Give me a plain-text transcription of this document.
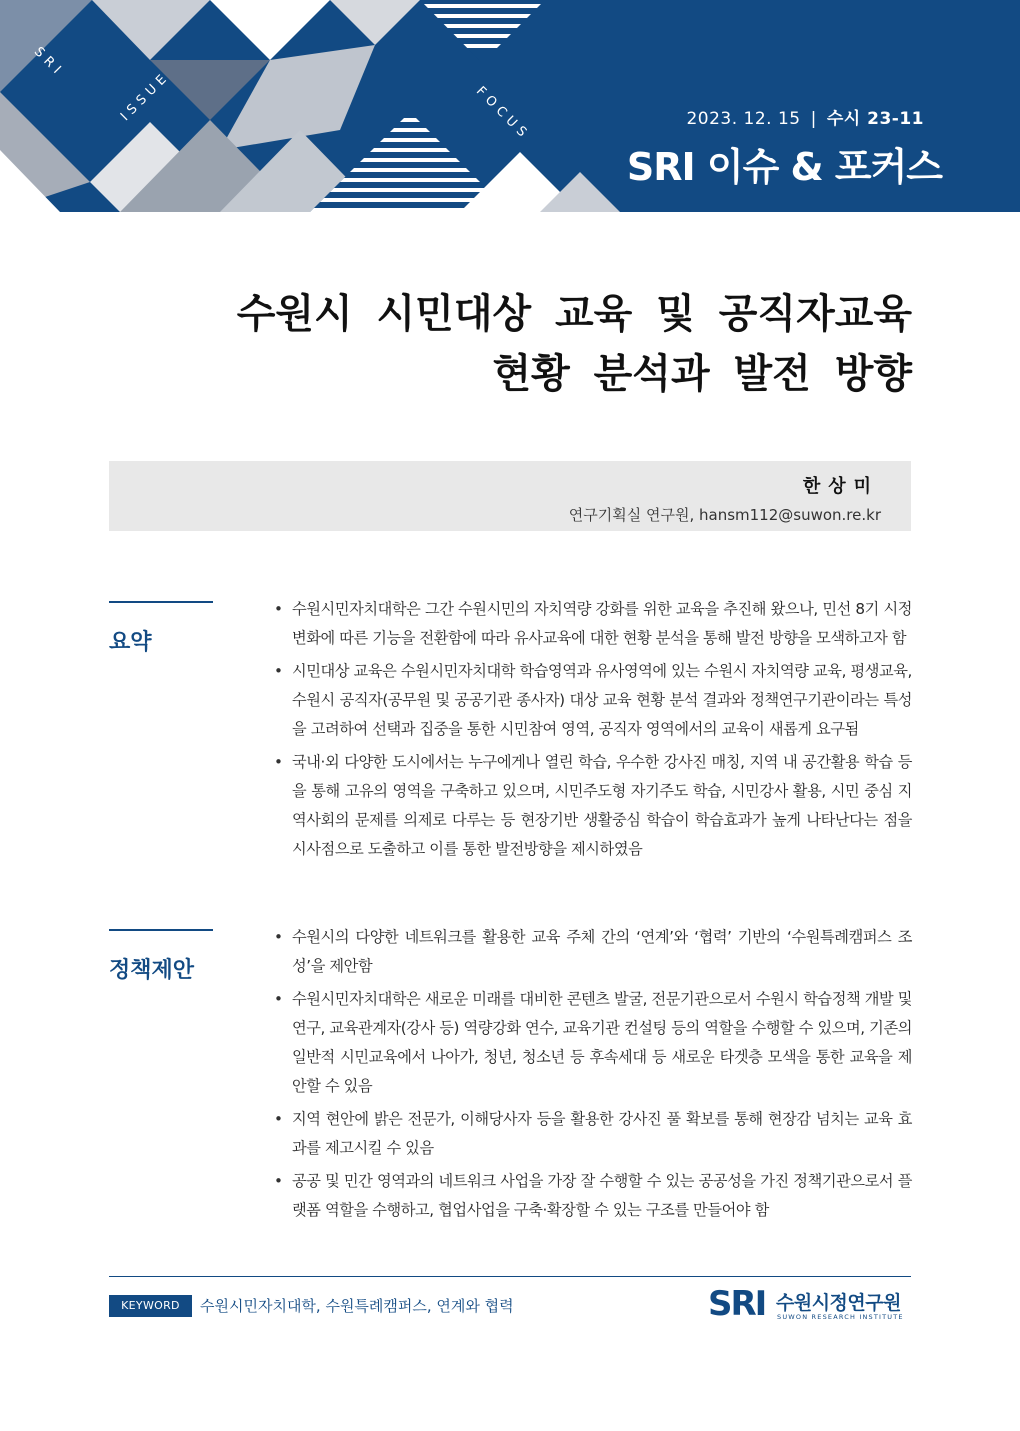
SRI
ISSUE	FOCUS	2023. 12. 15 | 수시 23-11
SRI 이슈 & 포커스
수원시 시민대상 교육 및 공직자교육
현황 분석과 발전 방향
한상미
연구기획실 연구원, hansm112@suwon.re.kr
요약
• 수원시민자치대학은 그간 수원시민의 자치역량 강화를 위한 교육을 추진해 왔으나, 민선 8기 시정 변화에 따른 기능을 전환함에 따라 유사교육에 대한 현황 분석을 통해 발전 방향을 모색하고자 함
• 시민대상 교육은 수원시민자치대학 학습영역과 유사영역에 있는 수원시 자치역량 교육, 평생교육, 수원시 공직자(공무원 및 공공기관 종사자) 대상 교육 현황 분석 결과와 정책연구기관이라는 특성을 고려하여 선택과 집중을 통한 시민참여 영역, 공직자 영역에서의 교육이 새롭게 요구됨
• 국내·외 다양한 도시에서는 누구에게나 열린 학습, 우수한 강사진 매칭, 지역 내 공간활용 학습 등을 통해 고유의 영역을 구축하고 있으며, 시민주도형 자기주도 학습, 시민강사 활용, 시민 중심 지역사회의 문제를 의제로 다루는 등 현장기반 생활중심 학습이 학습효과가 높게 나타난다는 점을 시사점으로 도출하고 이를 통한 발전방향을 제시하였음
정책제안
• 수원시의 다양한 네트워크를 활용한 교육 주체 간의 ‘연계’와 ‘협력’ 기반의 ‘수원특례캠퍼스 조성’을 제안함
• 수원시민자치대학은 새로운 미래를 대비한 콘텐츠 발굴, 전문기관으로서 수원시 학습정책 개발 및 연구, 교육관계자(강사 등) 역량강화 연수, 교육기관 컨설팅 등의 역할을 수행할 수 있으며, 기존의 일반적 시민교육에서 나아가, 청년, 청소년 등 후속세대 등 새로운 타겟층 모색을 통한 교육을 제안할 수 있음
• 지역 현안에 밝은 전문가, 이해당사자 등을 활용한 강사진 풀 확보를 통해 현장감 넘치는 교육 효과를 제고시킬 수 있음
• 공공 및 민간 영역과의 네트워크 사업을 가장 잘 수행할 수 있는 공공성을 가진 정책기관으로서 플랫폼 역할을 수행하고, 협업사업을 구축·확장할 수 있는 구조를 만들어야 함
KEYWORD	수원시민자치대학, 수원특례캠퍼스, 연계와 협력	SRI 수원시정연구원
SUWON RESEARCH INSTITUTE
